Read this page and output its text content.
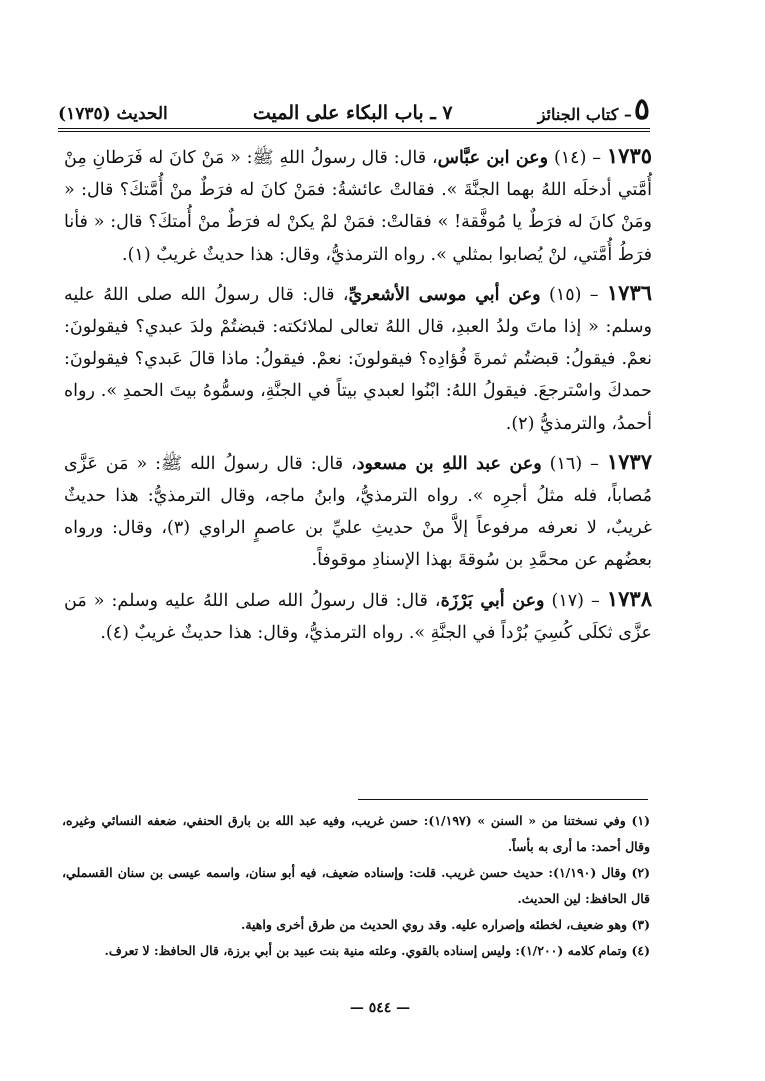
٥
– كتاب الجنائز
٧ ـ باب البكاء على الميت
الحديث (١٧٣٥)

١٧٣٥ – (١٤) وعن ابن عبَّاس، قال: قال رسولُ اللهِ ﷺ: « مَنْ كانَ له فَرَطانِ مِنْ أُمَّتي أدخلَه اللهُ بهما الجنَّةَ ». فقالتْ عائشةُ: فمَنْ كانَ له فرَطٌ منْ أُمَّتكَ؟ قال: « ومَنْ كانَ له فرَطٌ يا مُوفَّقة! » فقالتْ: فمَنْ لمْ يكنْ له فرَطٌ منْ أُمتكَ؟ قال: « فأنا فرَطُ أُمَّتي، لنْ يُصابوا بمثلي ». رواه الترمذيُّ، وقال: هذا حديثٌ غريبٌ (١).

١٧٣٦ – (١٥) وعن أبي موسى الأشعريِّ، قال: قال رسولُ الله صلى اللهُ عليه وسلم: « إذا ماتَ ولدُ العبدِ، قال اللهُ تعالى لملائكته: قبضتُمْ ولدَ عبدي؟ فيقولونَ: نعمْ. فيقولُ: قبضتُم ثمرةَ فُؤادِه؟ فيقولونَ: نعمْ. فيقولُ: ماذا قالَ عَبدي؟ فيقولونَ: حمدكَ واسْترجعَ. فيقولُ اللهُ: ابْنُوا لعبدي بيتاً في الجنَّةِ، وسمُّوهُ بيتَ الحمدِ ». رواه أحمدُ، والترمذيُّ (٢).

١٧٣٧ – (١٦) وعن عبد اللهِ بن مسعود، قال: قال رسولُ الله ﷺ: « مَن عَزَّى مُصاباً، فله مثلُ أجرِه ». رواه الترمذيُّ، وابنُ ماجه، وقال الترمذيُّ: هذا حديثٌ غريبٌ، لا نعرفه مرفوعاً إلاَّ منْ حديثِ عليِّ بن عاصمٍ الراوي (٣)، وقال: ورواه بعضُهم عن محمَّدِ بن سُوقةَ بهذا الإسنادِ موقوفاً.

١٧٣٨ – (١٧) وعن أبي بَرْزَة، قال: قال رسولُ الله صلى اللهُ عليه وسلم: « مَن عزَّى ثكلَى كُسِيَ بُرْداً في الجنَّةِ ». رواه الترمذيُّ، وقال: هذا حديثٌ غريبٌ (٤).

(١) وفي نسختنا من « السنن » (١/١٩٧): حسن غريب، وفيه عبد الله بن بارق الحنفي، ضعفه النسائي وغيره، وقال أحمد: ما أرى به بأساً.
(٢) وقال (١/١٩٠): حديث حسن غريب. قلت: وإسناده ضعيف، فيه أبو سنان، واسمه عيسى بن سنان القسملي، قال الحافظ: لين الحديث.
(٣) وهو ضعيف، لخطئه وإصراره عليه. وقد روي الحديث من طرق أخرى واهية.
(٤) وتمام كلامه (١/٢٠٠): وليس إسناده بالقوي. وعلته منية بنت عبيد بن أبي برزة، قال الحافظ: لا تعرف.
— ٥٤٤ —
